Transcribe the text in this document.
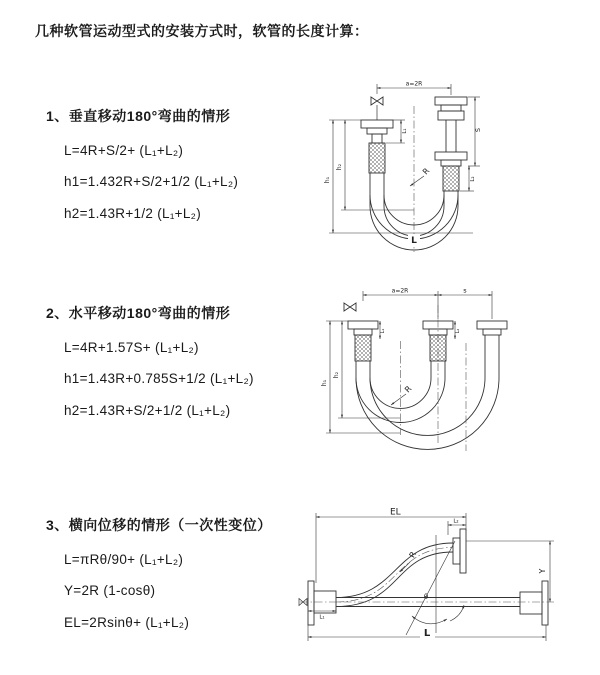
几种软管运动型式的安装方式时，软管的长度计算：
1、垂直移动180°弯曲的情形
L=4R+S/2+ (L₁+L₂)
h1=1.432R+S/2+1/2 (L₁+L₂)
h2=1.43R+1/2 (L₁+L₂)
2、水平移动180°弯曲的情形
L=4R+1.57S+ (L₁+L₂)
h1=1.43R+0.785S+1/2 (L₁+L₂)
h2=1.43R+S/2+1/2 (L₁+L₂)
3、横向位移的情形（一次性变位）
L=πRθ/90+ (L₁+L₂)
Y=2R (1-cosθ)
EL=2Rsinθ+ (L₁+L₂)
a=2R
h₁
h₂
L₁	S
L₂
R
L
a=2R	s
h₁
h₂
L₁	L₂
R
EL
L₂
Y
L
L₁
R
θ
